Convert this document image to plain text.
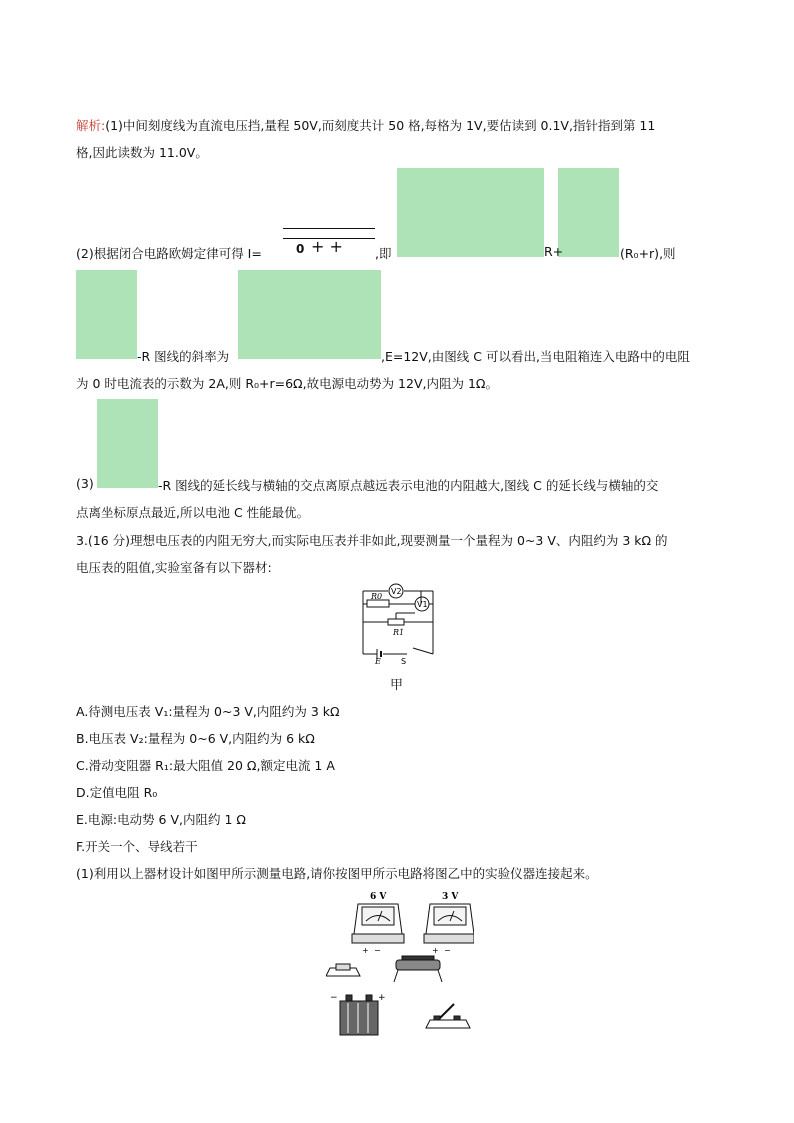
解析:(1)中间刻度线为直流电压挡,量程 50V,而刻度共计 50 格,每格为 1V,要估读到 0.1V,指针指到第 11
格,因此读数为 11.0V。
(2)根据闭合电路欧姆定律可得 I=	0 + +	,即	R+	(R₀+r),则
-R 图线的斜率为	,E=12V,由图线 C 可以看出,当电阻箱连入电路中的电阻
为 0 时电流表的示数为 2A,则 R₀+r=6Ω,故电源电动势为 12V,内阻为 1Ω。
(3)	-R 图线的延长线与横轴的交点离原点越远表示电池的内阻越大,图线 C 的延长线与横轴的交
点离坐标原点最近,所以电池 C 性能最优。
3.(16 分)理想电压表的内阻无穷大,而实际电压表并非如此,现要测量一个量程为 0~3 V、内阻约为 3 kΩ 的
电压表的阻值,实验室备有以下器材:
V2
V1
R0
R1
E	S
甲
A.待测电压表 V₁:量程为 0~3 V,内阻约为 3 kΩ
B.电压表 V₂:量程为 0~6 V,内阻约为 6 kΩ
C.滑动变阻器 R₁:最大阻值 20 Ω,额定电流 1 A
D.定值电阻 R₀
E.电源:电动势 6 V,内阻约 1 Ω
F.开关一个、导线若干
(1)利用以上器材设计如图甲所示测量电路,请你按图甲所示电路将图乙中的实验仪器连接起来。
6 V	3 V
+ −	+ −
−	+
